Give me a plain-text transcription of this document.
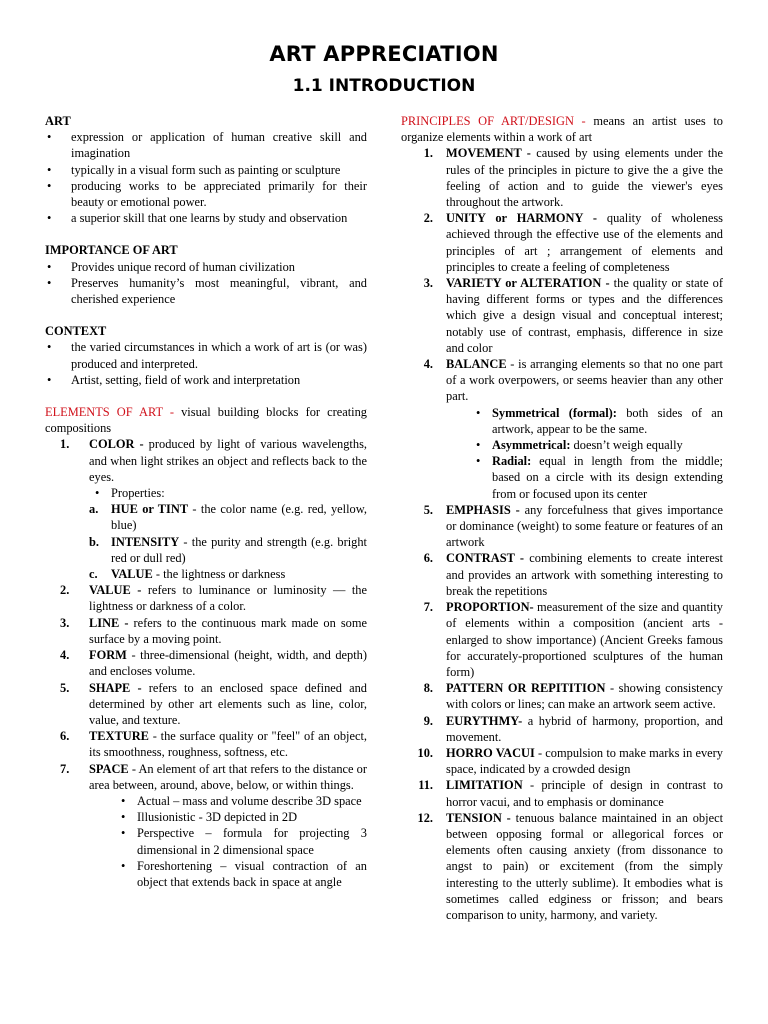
ART APPRECIATION
1.1 INTRODUCTION

ART

• expression or application of human creative skill and imagination
• typically in a visual form such as painting or sculpture
• producing works to be appreciated primarily for their beauty or emotional power.
• a superior skill that one learns by study and observation

IMPORTANCE OF ART

• Provides unique record of human civilization
• Preserves humanity’s most meaningful, vibrant, and cherished experience

CONTEXT

• the varied circumstances in which a work of art is (or was) produced and interpreted.
• Artist, setting, field of work and interpretation

ELEMENTS OF ART - visual building blocks for creating compositions

1. COLOR - produced by light of various wavelengths, and when light strikes an object and reflects back to the eyes.
• Properties:
a. HUE or TINT - the color name (e.g. red, yellow, blue)
b. INTENSITY - the purity and strength (e.g. bright red or dull red)
c. VALUE - the lightness or darkness
2. VALUE - refers to luminance or luminosity — the lightness or darkness of a color.
3. LINE - refers to the continuous mark made on some surface by a moving point.
4. FORM - three-dimensional (height, width, and depth) and encloses volume.
5. SHAPE - refers to an enclosed space defined and determined by other art elements such as line, color, value, and texture.
6. TEXTURE - the surface quality or "feel" of an object, its smoothness, roughness, softness, etc.
7. SPACE - An element of art that refers to the distance or area between, around, above, below, or within things.
• Actual – mass and volume describe 3D space
• Illusionistic - 3D depicted in 2D
• Perspective – formula for projecting 3 dimensional in 2 dimensional space
• Foreshortening – visual contraction of an object that extends back in space at angle

PRINCIPLES OF ART/DESIGN - means an artist uses to organize elements within a work of art

1. MOVEMENT - caused by using elements under the rules of the principles in picture to give the a give the feeling of action and to guide the viewer's eyes throughout the artwork.
2. UNITY or HARMONY - quality of wholeness achieved through the effective use of the elements and principles of art ; arrangement of elements and principles to create a feeling of completeness
3. VARIETY or ALTERATION - the quality or state of having different forms or types and the differences which give a design visual and conceptual interest; notably use of contrast, emphasis, difference in size and color
4. BALANCE - is arranging elements so that no one part of a work overpowers, or seems heavier than any other part.
• Symmetrical (formal): both sides of an artwork, appear to be the same.
• Asymmetrical: doesn’t weigh equally
• Radial: equal in length from the middle; based on a circle with its design extending from or focused upon its center
5. EMPHASIS - any forcefulness that gives importance or dominance (weight) to some feature or features of an artwork
6. CONTRAST - combining elements to create interest and provides an artwork with something interesting to break the repetitions
7. PROPORTION- measurement of the size and quantity of elements within a composition (ancient arts - enlarged to show importance) (Ancient Greeks famous for accurately-proportioned sculptures of the human form)
8. PATTERN OR REPITITION - showing consistency with colors or lines; can make an artwork seem active.
9. EURYTHMY- a hybrid of harmony, proportion, and movement.
10. HORRO VACUI - compulsion to make marks in every space, indicated by a crowded design
11. LIMITATION - principle of design in contrast to horror vacui, and to emphasis or dominance
12. TENSION - tenuous balance maintained in an object between opposing formal or allegorical forces or elements often causing anxiety (from dissonance to angst to pain) or excitement (from the simply interesting to the utterly sublime). It embodies what is sometimes called edginess or frisson; and bears comparison to unity, harmony, and variety.
